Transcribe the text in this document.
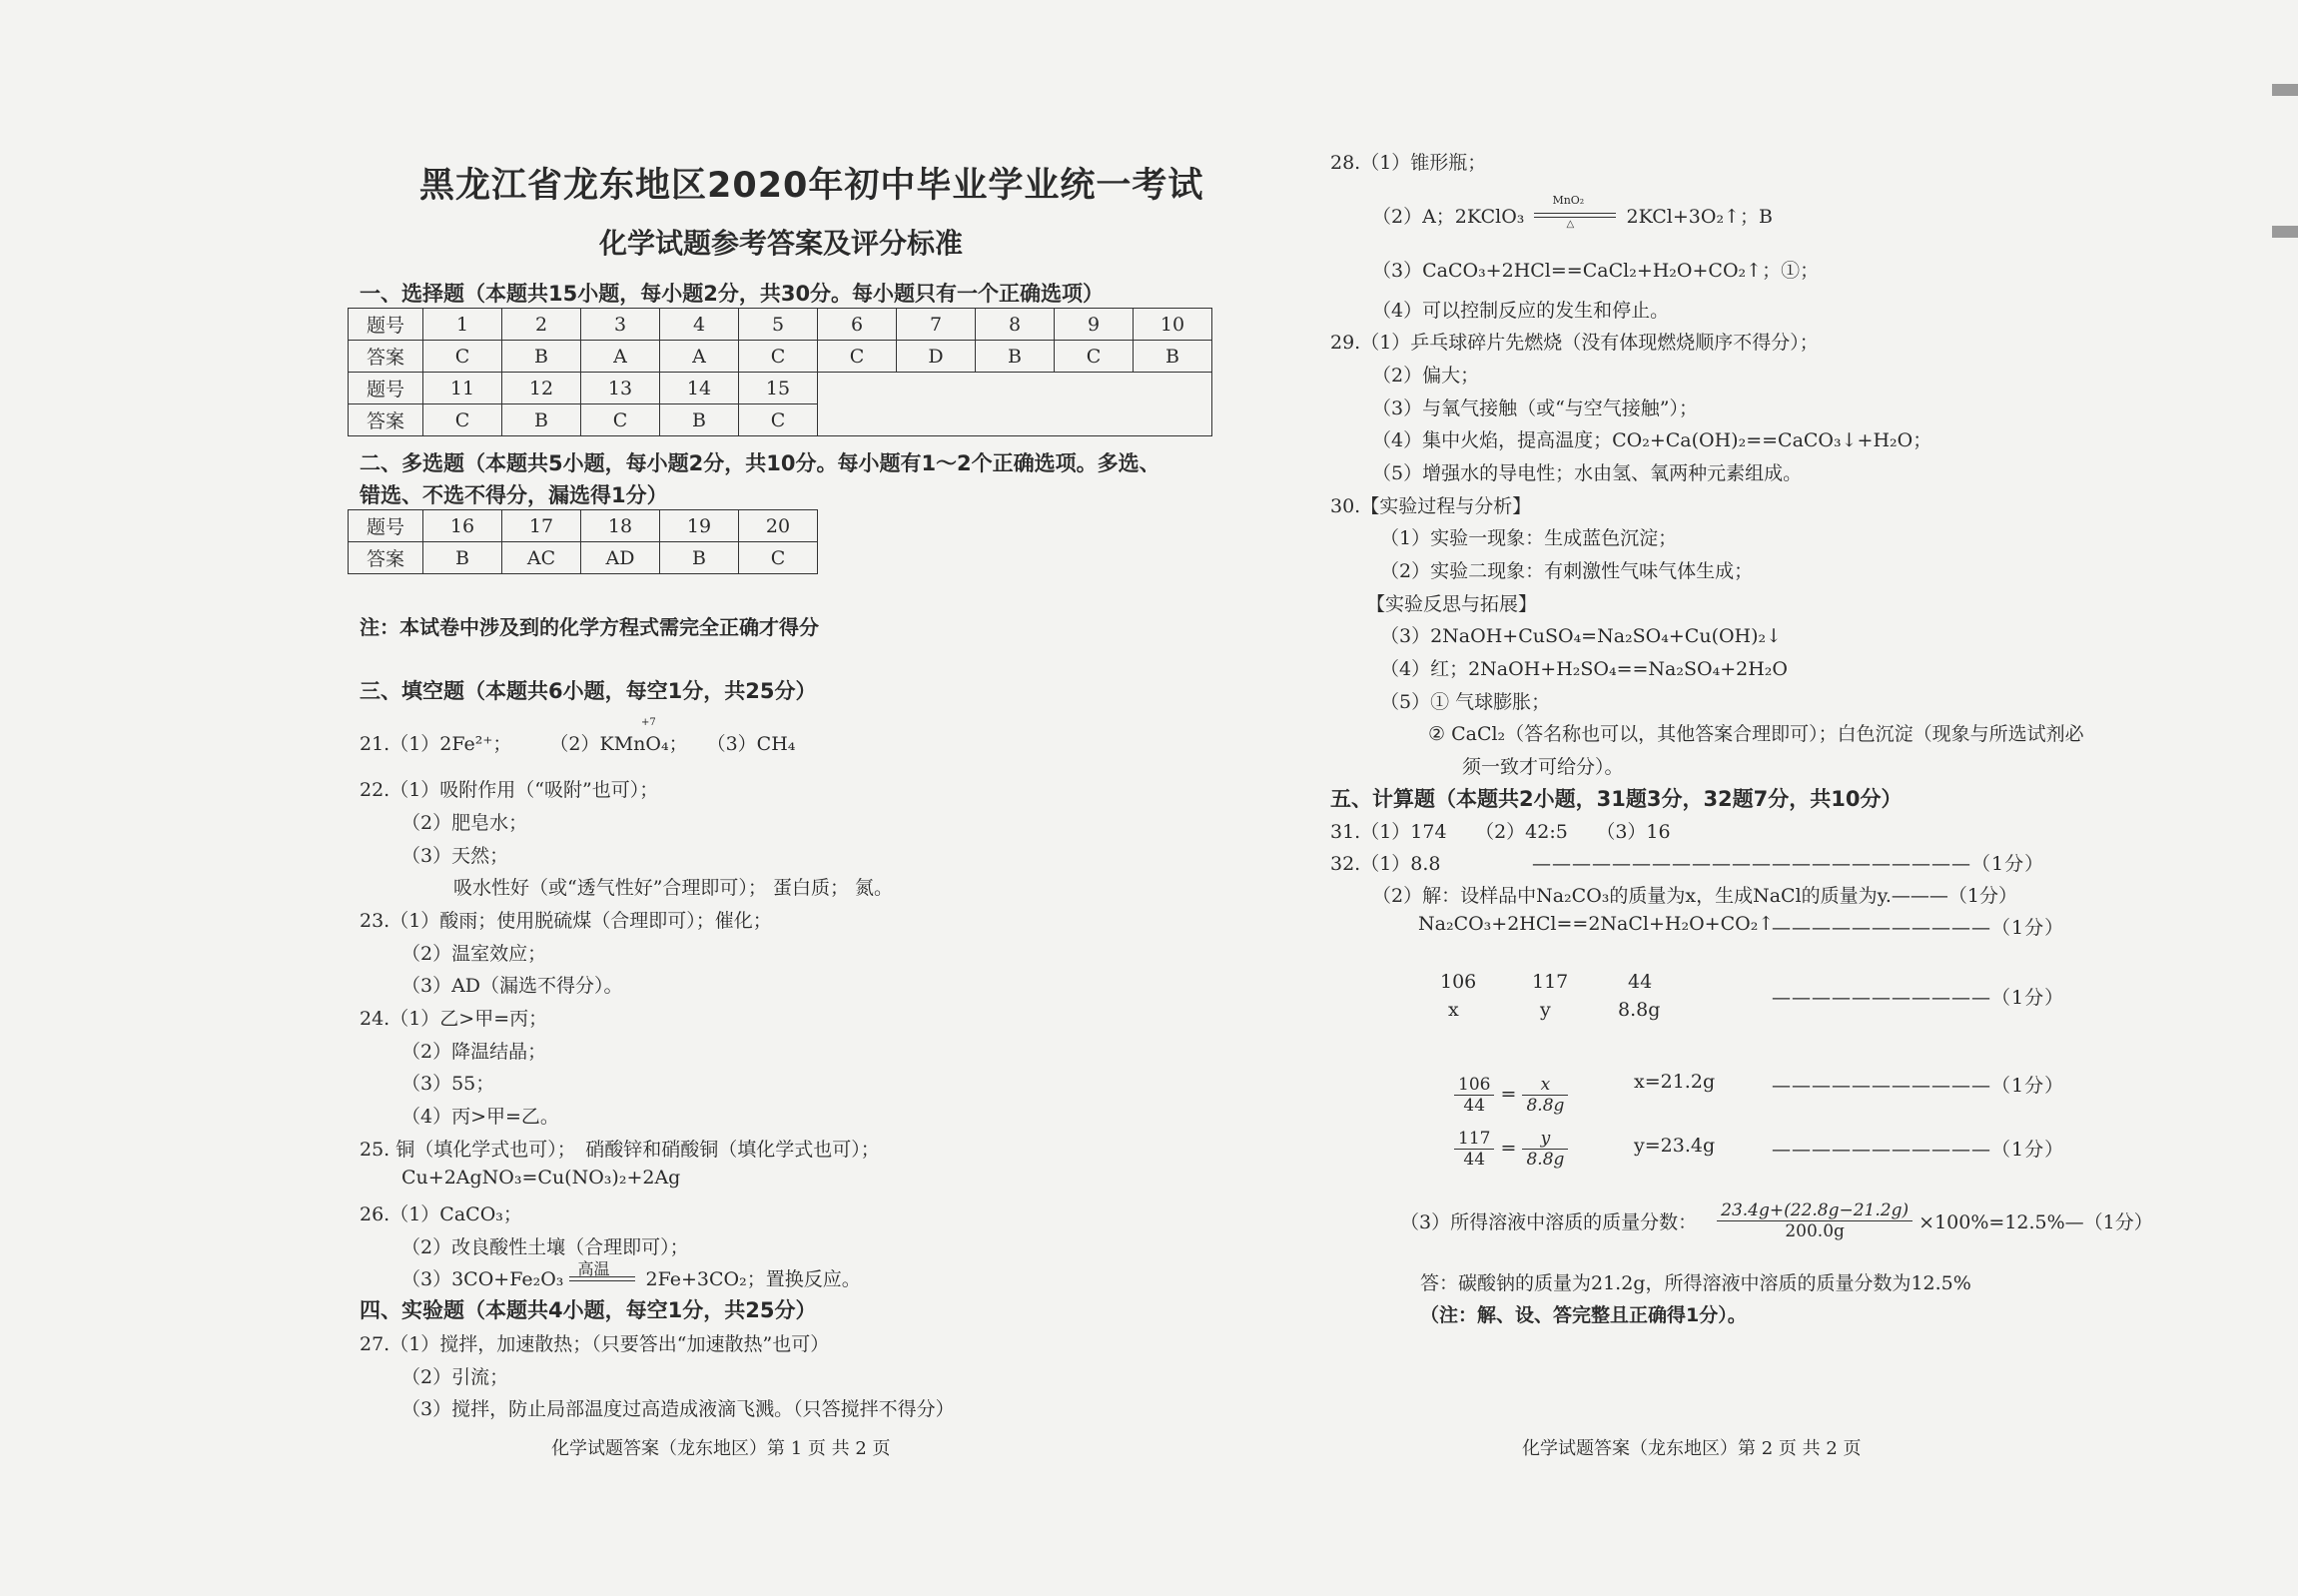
黑龙江省龙东地区2020年初中毕业学业统一考试
化学试题参考答案及评分标准
一、选择题（本题共15小题，每小题2分，共30分。每小题只有一个正确选项）
题号	1	2	3	4	5	6	7	8	9	10
答案	C	B	A	A	C	C	D	B	C	B
题号	11	12	13	14	15					
答案	C	B	C	B	C					
二、多选题（本题共5小题，每小题2分，共10分。每小题有1～2个正确选项。多选、
错选、不选不得分，漏选得1分）
题号	16	17	18	19	20
答案	B	AC	AD	B	C
注：本试卷中涉及到的化学方程式需完全正确才得分
三、填空题（本题共6小题，每空1分，共25分）
21.（1）2Fe²⁺；　　　（2）KMnO₄；　　（3）CH₄
+7
22.（1）吸附作用（“吸附”也可）；
（2）肥皂水；
（3）天然；
吸水性好（或“透气性好”合理即可）； 蛋白质； 氮。
23.（1）酸雨；使用脱硫煤（合理即可）；催化；
（2）温室效应；
（3）AD（漏选不得分）。
24.（1）乙>甲=丙；
（2）降温结晶；
（3）55；
（4）丙>甲=乙。
25. 铜（填化学式也可）；　硝酸锌和硝酸铜（填化学式也可）；
Cu+2AgNO₃=Cu(NO₃)₂+2Ag
26.（1）CaCO₃；
（2）改良酸性土壤（合理即可）；
（3）3CO+Fe₂O₃ 高温 2Fe+3CO₂；置换反应。
四、实验题（本题共4小题，每空1分，共25分）
27.（1）搅拌，加速散热；（只要答出“加速散热”也可）
（2）引流；
（3）搅拌，防止局部温度过高造成液滴飞溅。（只答搅拌不得分）
化学试题答案（龙东地区）第 1 页 共 2 页
28.（1）锥形瓶；
（2）A；2KClO₃
MnO₂
△	2KCl+3O₂↑；B
（3）CaCO₃+2HCl==CaCl₂+H₂O+CO₂↑；①；
（4）可以控制反应的发生和停止。
29.（1）乒乓球碎片先燃烧（没有体现燃烧顺序不得分）；
（2）偏大；
（3）与氧气接触（或“与空气接触”）；
（4）集中火焰，提高温度；CO₂+Ca(OH)₂==CaCO₃↓+H₂O；
（5）增强水的导电性；水由氢、氧两种元素组成。
30.【实验过程与分析】
（1）实验一现象：生成蓝色沉淀；
（2）实验二现象：有刺激性气味气体生成；
【实验反思与拓展】
（3）2NaOH+CuSO₄=Na₂SO₄+Cu(OH)₂↓
（4）红；2NaOH+H₂SO₄==Na₂SO₄+2H₂O
（5）① 气球膨胀；
② CaCl₂（答名称也可以，其他答案合理即可）；白色沉淀（现象与所选试剂必
须一致才可给分）。
五、计算题（本题共2小题，31题3分，32题7分，共10分）
31.（1）174　　（2）42:5　　（3）16
32.（1）8.8	——————————————————————（1分）
（2）解：设样品中Na₂CO₃的质量为x，生成NaCl的质量为y.———（1分）
Na₂CO₃+2HCl==2NaCl+H₂O+CO₂↑
———————————（1分）
106	117	44
x	y	8.8g
———————————（1分）
$\frac{106}{44} = \frac{x}{8.8g}$	x=21.2g	———————————（1分）
$\frac{117}{44} = \frac{y}{8.8g}$	y=23.4g	———————————（1分）
（3）所得溶液中溶质的质量分数： $\frac{23.4g+(22.8g-21.2g)}{200.0g}$ ×100%=12.5%—（1分）
答：碳酸钠的质量为21.2g，所得溶液中溶质的质量分数为12.5%
（注：解、设、答完整且正确得1分）。
化学试题答案（龙东地区）第 2 页 共 2 页
